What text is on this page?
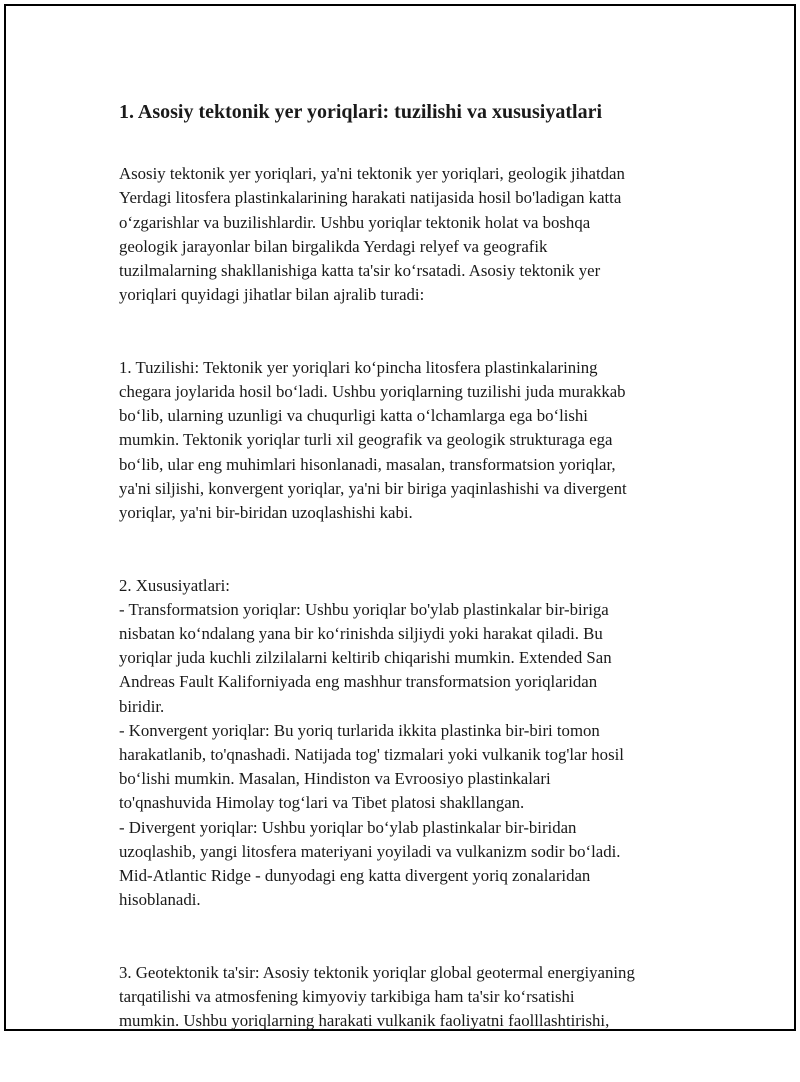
1. Asosiy tektonik yer yoriqlari: tuzilishi va xususiyatlari

Asosiy tektonik yer yoriqlari, ya'ni tektonik yer yoriqlari, geologik jihatdan
Yerdagi litosfera plastinkalarining harakati natijasida hosil bo'ladigan katta
o‘zgarishlar va buzilishlardir. Ushbu yoriqlar tektonik holat va boshqa
geologik jarayonlar bilan birgalikda Yerdagi relyef va geografik
tuzilmalarning shakllanishiga katta ta'sir ko‘rsatadi. Asosiy tektonik yer
yoriqlari quyidagi jihatlar bilan ajralib turadi:

1. Tuzilishi: Tektonik yer yoriqlari ko‘pincha litosfera plastinkalarining
chegara joylarida hosil bo‘ladi. Ushbu yoriqlarning tuzilishi juda murakkab
bo‘lib, ularning uzunligi va chuqurligi katta o‘lchamlarga ega bo‘lishi
mumkin. Tektonik yoriqlar turli xil geografik va geologik strukturaga ega
bo‘lib, ular eng muhimlari hisonlanadi, masalan, transformatsion yoriqlar,
ya'ni siljishi, konvergent yoriqlar, ya'ni bir biriga yaqinlashishi va divergent
yoriqlar, ya'ni bir-biridan uzoqlashishi kabi.

2. Xususiyatlari:
- Transformatsion yoriqlar: Ushbu yoriqlar bo'ylab plastinkalar bir-biriga
nisbatan ko‘ndalang yana bir ko‘rinishda siljiydi yoki harakat qiladi. Bu
yoriqlar juda kuchli zilzilalarni keltirib chiqarishi mumkin. Extended San
Andreas Fault Kaliforniyada eng mashhur transformatsion yoriqlaridan
biridir.
- Konvergent yoriqlar: Bu yoriq turlarida ikkita plastinka bir-biri tomon
harakatlanib, to'qnashadi. Natijada tog' tizmalari yoki vulkanik tog'lar hosil
bo‘lishi mumkin. Masalan, Hindiston va Evroosiyo plastinkalari
to'qnashuvida Himolay tog‘lari va Tibet platosi shakllangan.
- Divergent yoriqlar: Ushbu yoriqlar bo‘ylab plastinkalar bir-biridan
uzoqlashib, yangi litosfera materiyani yoyiladi va vulkanizm sodir bo‘ladi.
Mid-Atlantic Ridge - dunyodagi eng katta divergent yoriq zonalaridan
hisoblanadi.

3. Geotektonik ta'sir: Asosiy tektonik yoriqlar global geotermal energiyaning
tarqatilishi va atmosfening kimyoviy tarkibiga ham ta'sir ko‘rsatishi
mumkin. Ushbu yoriqlarning harakati vulkanik faoliyatni faolllashtirishi,
